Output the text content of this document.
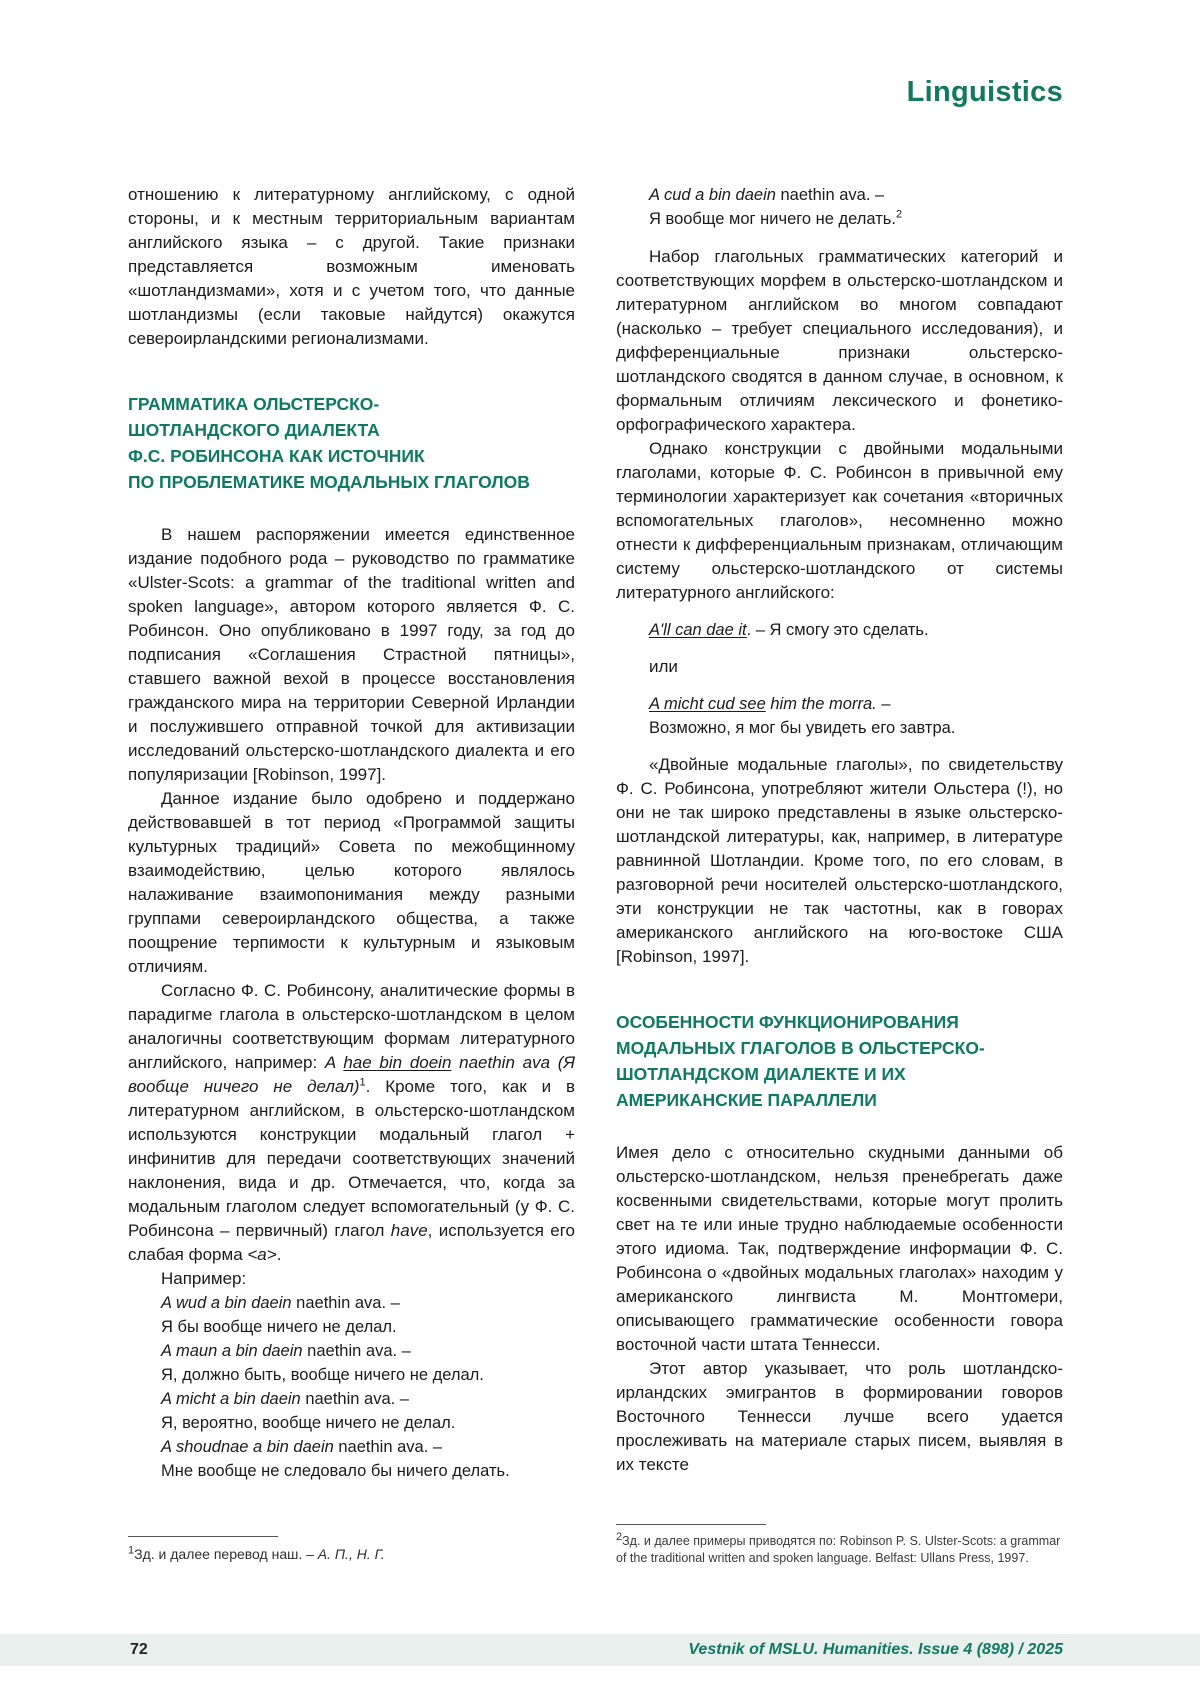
Linguistics

отношению к литературному английскому, с одной стороны, и к местным территориальным вариантам английского языка – с другой. Такие признаки представляется возможным именовать «шотландизмами», хотя и с учетом того, что данные шотландизмы (если таковые найдутся) окажутся североирландскими регионализмами.

ГРАММАТИКА ОЛЬСТЕРСКО-
ШОТЛАНДСКОГО ДИАЛЕКТА
Ф.С. РОБИНСОНА КАК ИСТОЧНИК
ПО ПРОБЛЕМАТИКЕ МОДАЛЬНЫХ ГЛАГОЛОВ

В нашем распоряжении имеется единственное издание подобного рода – руководство по грамматике «Ulster-Scots: a grammar of the traditional written and spoken language», автором которого является Ф. С. Робинсон. Оно опубликовано в 1997 году, за год до подписания «Соглашения Страстной пятницы», ставшего важной вехой в процессе восстановления гражданского мира на территории Северной Ирландии и послужившего отправной точкой для активизации исследований ольстерско-шотландского диалекта и его популяризации [Robinson, 1997].

Данное издание было одобрено и поддержано действовавшей в тот период «Программой защиты культурных традиций» Совета по межобщинному взаимодействию, целью которого являлось налаживание взаимопонимания между разными группами североирландского общества, а также поощрение терпимости к культурным и языковым отличиям.

Согласно Ф. С. Робинсону, аналитические формы в парадигме глагола в ольстерско-шотландском в целом аналогичны соответствующим формам литературного английского, например: A hae bin doein naethin ava (Я вообще ничего не делал)$^1$. Кроме того, как и в литературном английском, в ольстерско-шотландском используются конструкции модальный глагол + инфинитив для передачи соответствующих значений наклонения, вида и др. Отмечается, что, когда за модальным глаголом следует вспомогательный (у Ф. С. Робинсона – первичный) глагол have, используется его слабая форма <a>.

Например:

A wud a bin daein naethin ava. –
Я бы вообще ничего не делал.
A maun a bin daein naethin ava. –
Я, должно быть, вообще ничего не делал.
A micht a bin daein naethin ava. –
Я, вероятно, вообще ничего не делал.
A shoudnae a bin daein naethin ava. –
Мне вообще не следовало бы ничего делать.
A cud a bin daein naethin ava. –
Я вообще мог ничего не делать.$^2$

Набор глагольных грамматических категорий и соответствующих морфем в ольстерско-шотландском и литературном английском во многом совпадают (насколько – требует специального исследования), и дифференциальные признаки ольстерско-шотландского сводятся в данном случае, в основном, к формальным отличиям лексического и фонетико-орфографического характера.

Однако конструкции с двойными модальными глаголами, которые Ф. С. Робинсон в привычной ему терминологии характеризует как сочетания «вторичных вспомогательных глаголов», несомненно можно отнести к дифференциальным признакам, отличающим систему ольстерско-шотландского от системы литературного английского:

A'll can dae it. – Я смогу это сделать.

или

A micht cud see him the morra. –
Возможно, я мог бы увидеть его завтра.

«Двойные модальные глаголы», по свидетельству Ф. С. Робинсона, употребляют жители Ольстера (!), но они не так широко представлены в языке ольстерско-шотландской литературы, как, например, в литературе равнинной Шотландии. Кроме того, по его словам, в разговорной речи носителей ольстерско-шотландского, эти конструкции не так частотны, как в говорах американского английского на юго-востоке США [Robinson, 1997].

ОСОБЕННОСТИ ФУНКЦИОНИРОВАНИЯ
МОДАЛЬНЫХ ГЛАГОЛОВ В ОЛЬСТЕРСКО-
ШОТЛАНДСКОМ ДИАЛЕКТЕ И ИХ
АМЕРИКАНСКИЕ ПАРАЛЛЕЛИ

Имея дело с относительно скудными данными об ольстерско-шотландском, нельзя пренебрегать даже косвенными свидетельствами, которые могут пролить свет на те или иные трудно наблюдаемые особенности этого идиома. Так, подтверждение информации Ф. С. Робинсона о «двойных модальных глаголах» находим у американского лингвиста М. Монтгомери, описывающего грамматические особенности говора восточной части штата Теннесси.

Этот автор указывает, что роль шотландско-ирландских эмигрантов в формировании говоров Восточного Теннесси лучше всего удается прослеживать на материале старых писем, выявляя в их тексте

$^1$Зд. и далее перевод наш. – А. П., Н. Г.

$^2$Зд. и далее примеры приводятся по: Robinson P. S. Ulster-Scots: a grammar of the traditional written and spoken language. Belfast: Ullans Press, 1997.

72	Vestnik of MSLU. Humanities. Issue 4 (898) / 2025
